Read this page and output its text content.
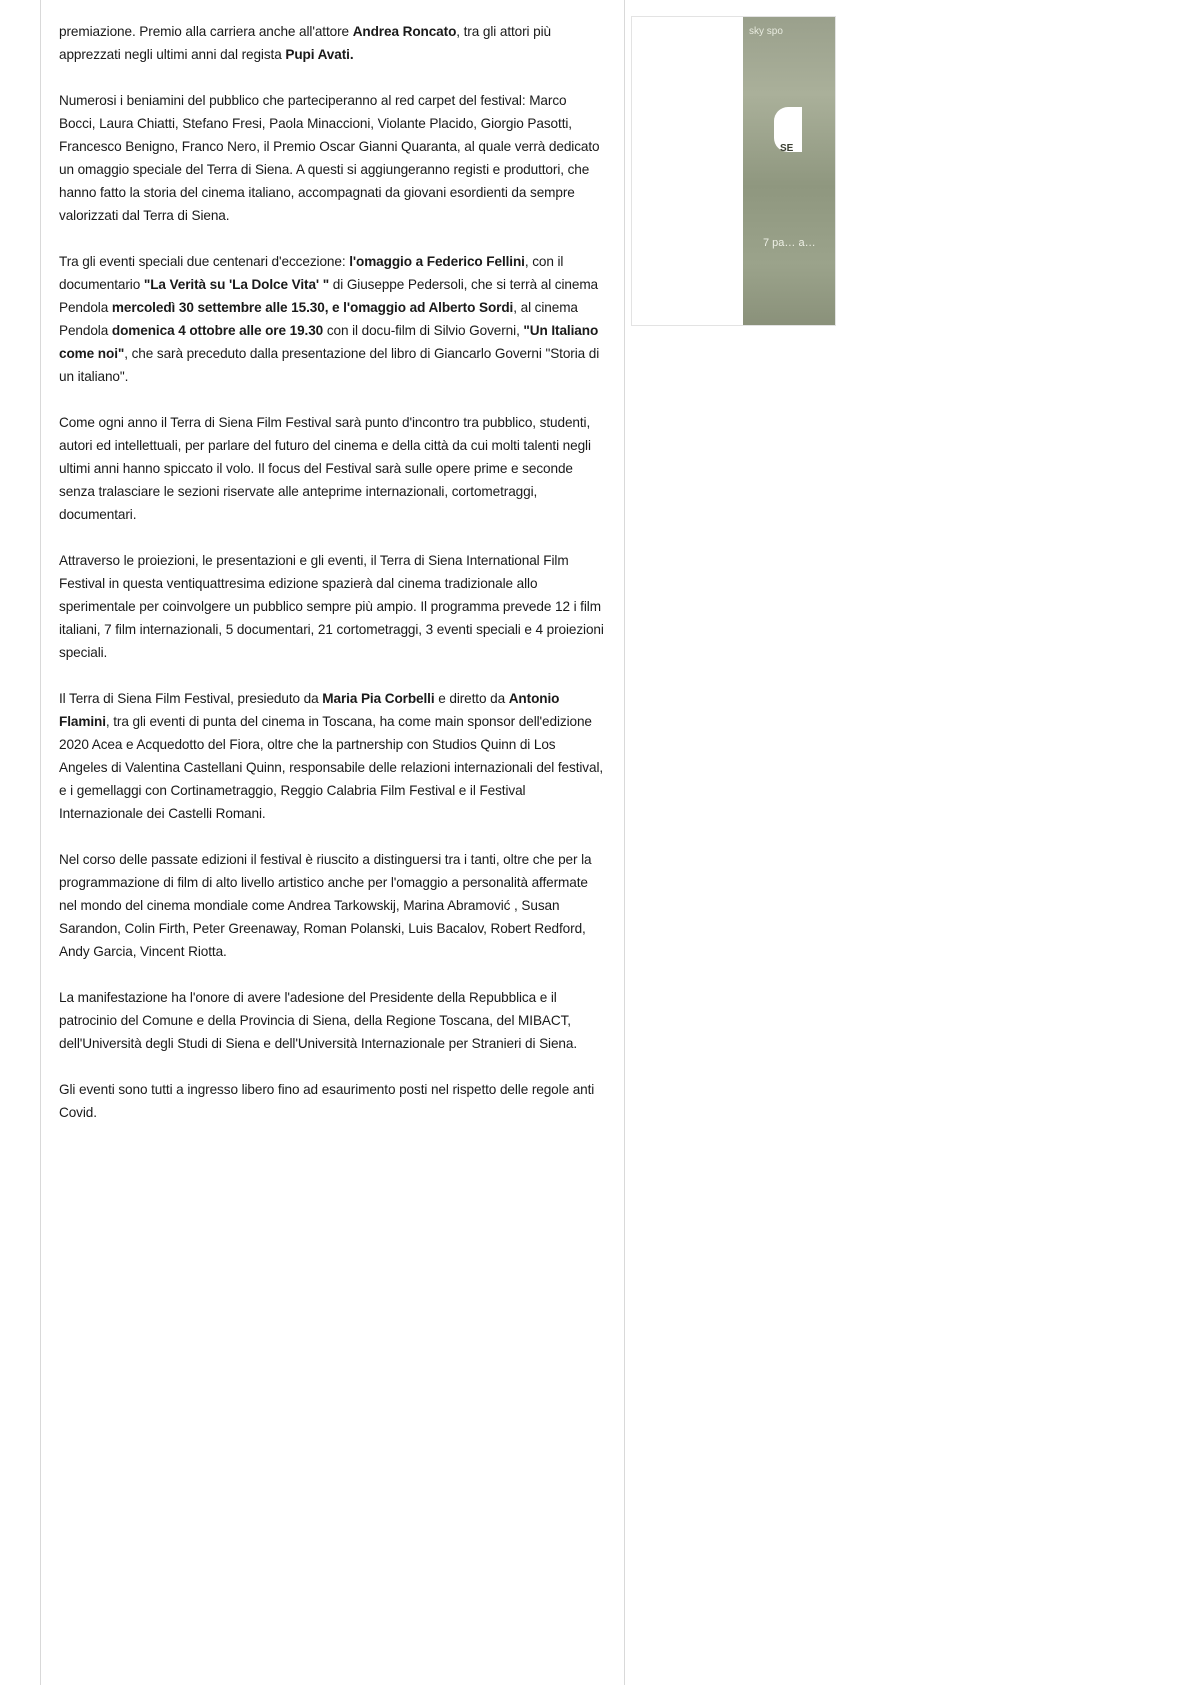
premiazione. Premio alla carriera anche all'attore Andrea Roncato, tra gli attori più apprezzati negli ultimi anni dal regista Pupi Avati.

Numerosi i beniamini del pubblico che parteciperanno al red carpet del festival: Marco Bocci, Laura Chiatti, Stefano Fresi, Paola Minaccioni, Violante Placido, Giorgio Pasotti, Francesco Benigno, Franco Nero, il Premio Oscar Gianni Quaranta, al quale verrà dedicato un omaggio speciale del Terra di Siena. A questi si aggiungeranno registi e produttori, che hanno fatto la storia del cinema italiano, accompagnati da giovani esordienti da sempre valorizzati dal Terra di Siena.

Tra gli eventi speciali due centenari d'eccezione: l'omaggio a Federico Fellini, con il documentario "La Verità su 'La Dolce Vita' " di Giuseppe Pedersoli, che si terrà al cinema Pendola mercoledì 30 settembre alle 15.30, e l'omaggio ad Alberto Sordi, al cinema Pendola domenica 4 ottobre alle ore 19.30 con il docu-film di Silvio Governi, "Un Italiano come noi", che sarà preceduto dalla presentazione del libro di Giancarlo Governi "Storia di un italiano".

Come ogni anno il Terra di Siena Film Festival sarà punto d'incontro tra pubblico, studenti, autori ed intellettuali, per parlare del futuro del cinema e della città da cui molti talenti negli ultimi anni hanno spiccato il volo. Il focus del Festival sarà sulle opere prime e seconde senza tralasciare le sezioni riservate alle anteprime internazionali, cortometraggi, documentari.

Attraverso le proiezioni, le presentazioni e gli eventi, il Terra di Siena International Film Festival in questa ventiquattresima edizione spazierà dal cinema tradizionale allo sperimentale per coinvolgere un pubblico sempre più ampio. Il programma prevede 12 i film italiani, 7 film internazionali, 5 documentari, 21 cortometraggi, 3 eventi speciali e 4 proiezioni speciali.

Il Terra di Siena Film Festival, presieduto da Maria Pia Corbelli e diretto da Antonio Flamini, tra gli eventi di punta del cinema in Toscana, ha come main sponsor dell'edizione 2020 Acea e Acquedotto del Fiora, oltre che la partnership con Studios Quinn di Los Angeles di Valentina Castellani Quinn, responsabile delle relazioni internazionali del festival, e i gemellaggi con Cortinametraggio, Reggio Calabria Film Festival e il Festival Internazionale dei Castelli Romani.

Nel corso delle passate edizioni il festival è riuscito a distinguersi tra i tanti, oltre che per la programmazione di film di alto livello artistico anche per l'omaggio a personalità affermate nel mondo del cinema mondiale come Andrea Tarkowskij, Marina Abramović , Susan Sarandon, Colin Firth, Peter Greenaway, Roman Polanski, Luis Bacalov, Robert Redford, Andy Garcia, Vincent Riotta.

La manifestazione ha l'onore di avere l'adesione del Presidente della Repubblica e il patrocinio del Comune e della Provincia di Siena, della Regione Toscana, del MIBACT, dell'Università degli Studi di Siena e dell'Università Internazionale per Stranieri di Siena.

Gli eventi sono tutti a ingresso libero fino ad esaurimento posti nel rispetto delle regole anti Covid.

sky spo
SE
7 pa… a…
